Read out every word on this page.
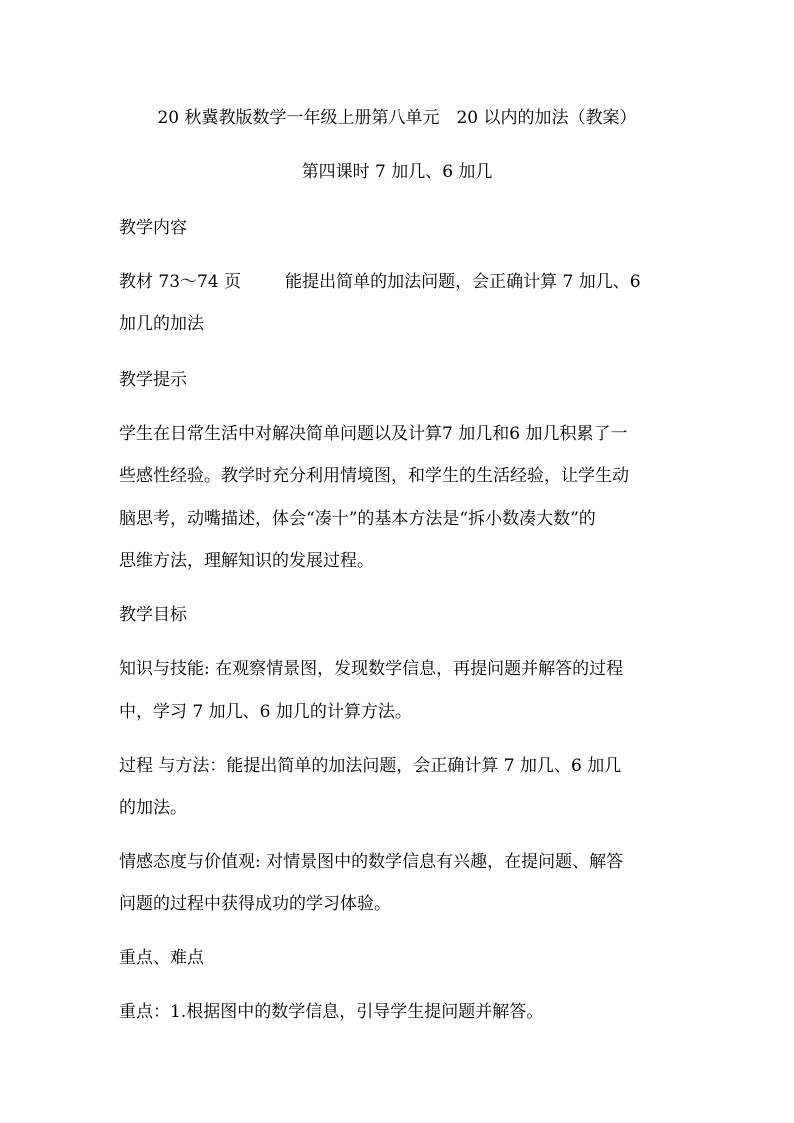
20 秋冀教版数学一年级上册第八单元　20 以内的加法（教案）
第四课时 7 加几、6 加几
教学内容
教材 73～74 页	能提出简单的加法问题，会正确计算 7 加几、6
加几的加法
教学提示
学生在日常生活中对解决简单问题以及计算7 加几和6 加几积累了一
些感性经验。教学时充分利用情境图，和学生的生活经验，让学生动
脑思考，动嘴描述，体会“凑十”的基本方法是“拆小数凑大数”的
思维方法，理解知识的发展过程。
教学目标
知识与技能: 在观察情景图，发现数学信息，再提问题并解答的过程
中，学习 7 加几、6 加几的计算方法。
过程 与方法：能提出简单的加法问题，会正确计算 7 加几、6 加几
的加法。
情感态度与价值观: 对情景图中的数学信息有兴趣，在提问题、解答
问题的过程中获得成功的学习体验。
重点、难点
重点：1.根据图中的数学信息，引导学生提问题并解答。
